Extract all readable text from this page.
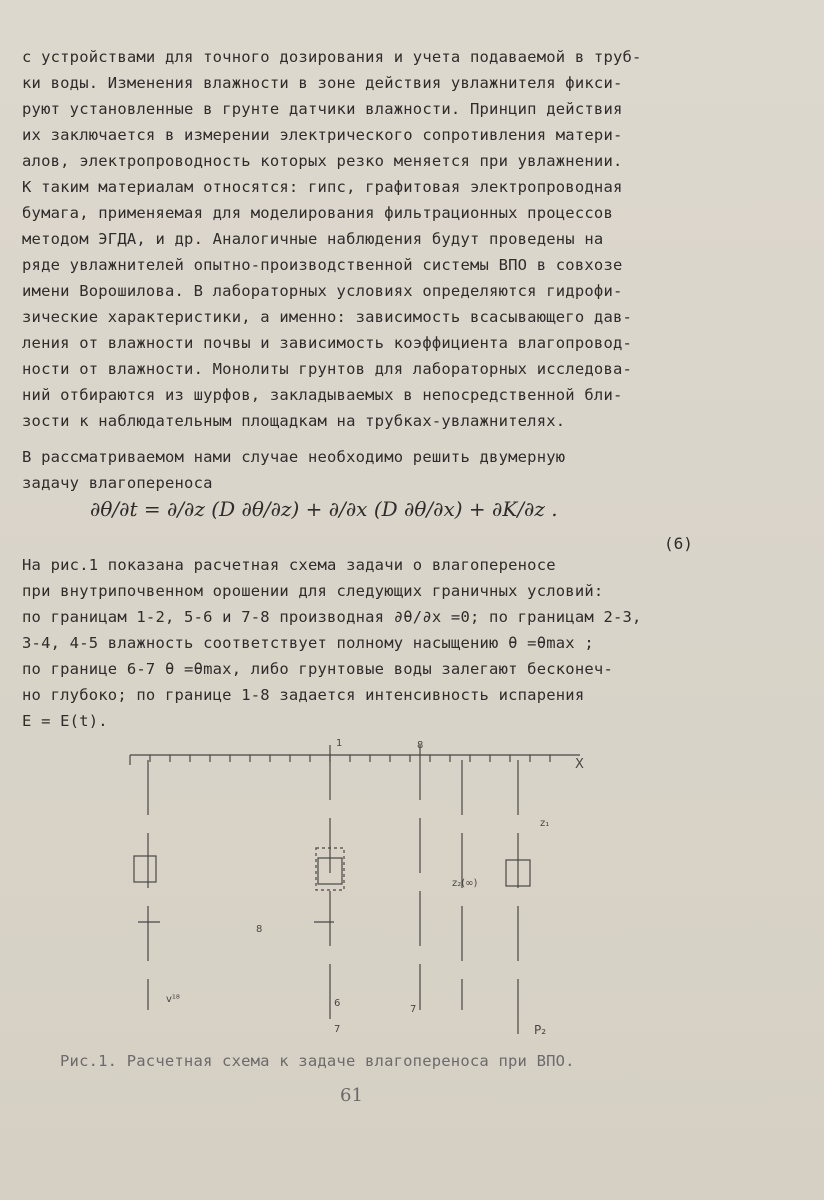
с устройствами для точного дозирования и учета подаваемой в труб-
ки воды. Изменения влажности в зоне действия увлажнителя фикси-
руют установленные в грунте датчики влажности. Принцип действия
их заключается в измерении электрического сопротивления матери-
алов, электропроводность которых резко меняется при увлажнении.
К таким материалам относятся: гипс, графитовая электропроводная
бумага, применяемая для моделирования фильтрационных процессов
методом ЭГДА, и др. Аналогичные наблюдения будут проведены на
ряде увлажнителей опытно-производственной системы ВПО в совхозе
имени Ворошилова. В лабораторных условиях определяются гидрофи-
зические характеристики, а именно: зависимость всасывающего дав-
ления от влажности почвы и зависимость коэффициента влагопровод-
ности от влажности. Монолиты грунтов для лабораторных исследова-
ний отбираются из шурфов, закладываемых в непосредственной бли-
зости к наблюдательным площадкам на трубках-увлажнителях.
В рассматриваемом нами случае необходимо решить двумерную
задачу влагопереноса
∂θ/∂t = ∂/∂z (D ∂θ/∂z) + ∂/∂x (D ∂θ/∂x) + ∂K/∂z .
(6)
На рис.1 показана расчетная схема задачи о влагопереносе
при внутрипочвенном орошении для следующих граничных условий:
по границам 1-2, 5-6 и 7-8 производная ∂θ/∂x =0; по границам 2-3,
3-4, 4-5 влажность соответствует полному насыщению θ =θmax ;
по границе 6-7 θ =θmax, либо грунтовые воды залегают бесконеч-
но глубоко; по границе 1-8 задается интенсивность испарения
E = E(t).
X
1	8
z₁
z₂(∞)
8
v¹⁸	6
7
7	P₂
Рис.1. Расчетная схема к задаче влагопереноса при ВПО.
61
